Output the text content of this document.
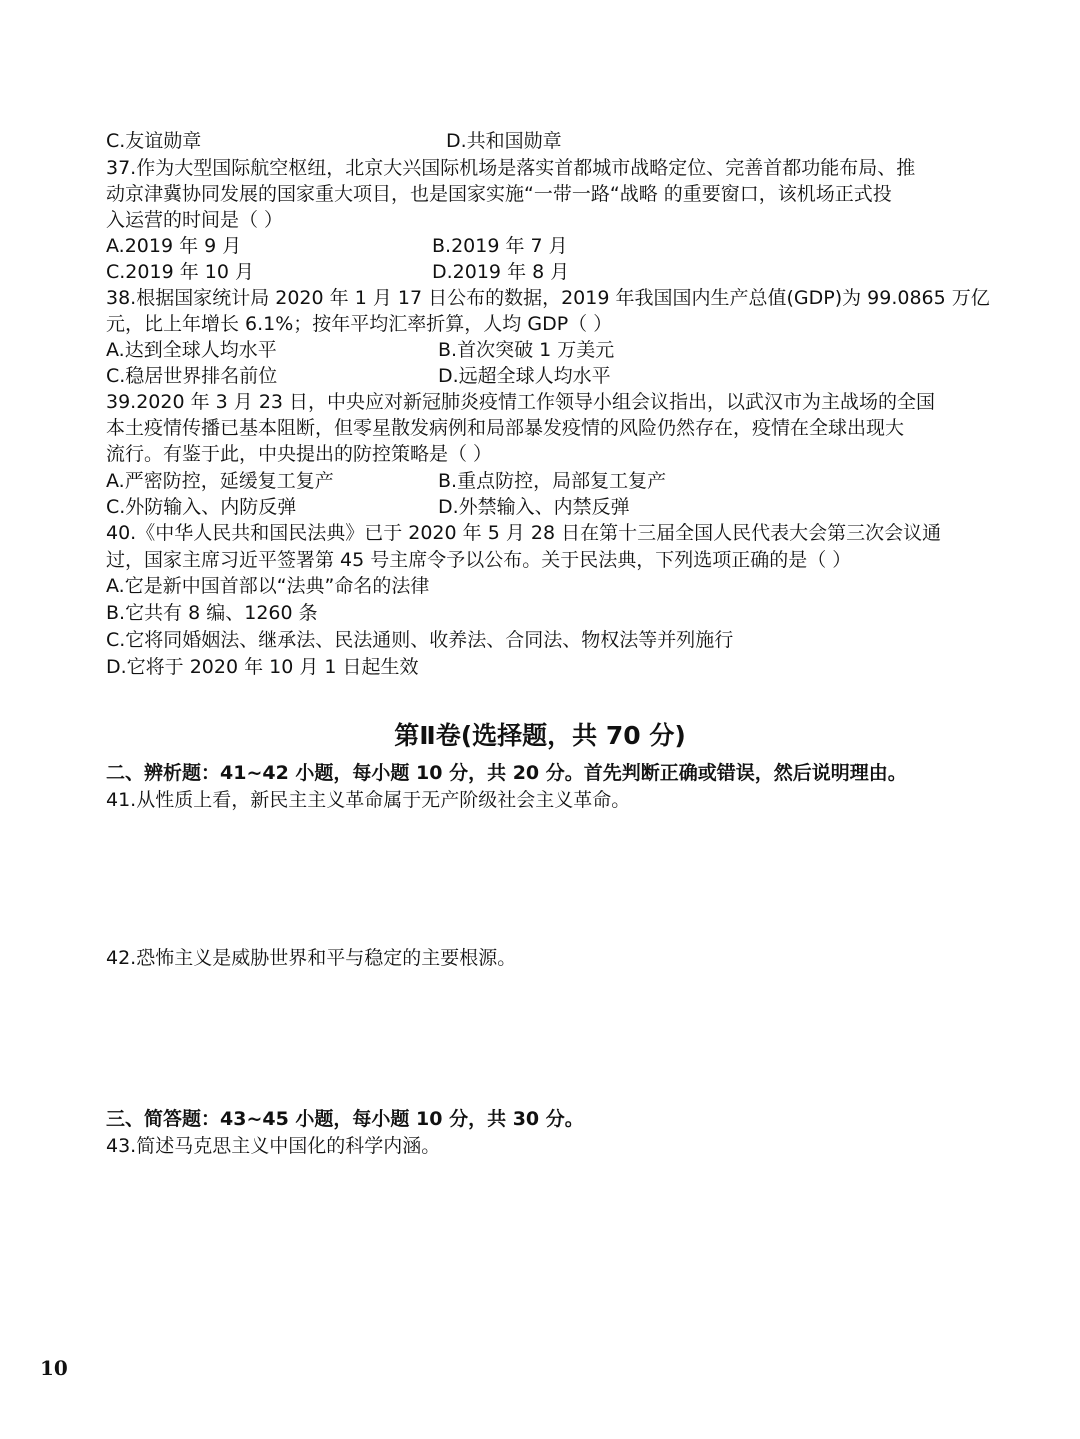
C.友谊勋章	D.共和国勋章
37.作为大型国际航空枢纽，北京大兴国际机场是落实首都城市战略定位、完善首都功能布局、推
动京津冀协同发展的国家重大项目，也是国家实施“一带一路“战略 的重要窗口，该机场正式投
入运营的时间是（ ）
A.2019 年 9 月	B.2019 年 7 月
C.2019 年 10 月	D.2019 年 8 月
38.根据国家统计局 2020 年 1 月 17 日公布的数据，2019 年我国国内生产总值(GDP)为 99.0865 万亿
元，比上年增长 6.1%；按年平均汇率折算，人均 GDP（ ）
A.达到全球人均水平	B.首次突破 1 万美元
C.稳居世界排名前位	D.远超全球人均水平
39.2020 年 3 月 23 日，中央应对新冠肺炎疫情工作领导小组会议指出，以武汉市为主战场的全国
本土疫情传播已基本阻断，但零星散发病例和局部暴发疫情的风险仍然存在，疫情在全球出现大
流行。有鉴于此，中央提出的防控策略是（ ）
A.严密防控，延缓复工复产	B.重点防控，局部复工复产
C.外防输入、内防反弹	D.外禁输入、内禁反弹
40.《中华人民共和国民法典》已于 2020 年 5 月 28 日在第十三届全国人民代表大会第三次会议通
过，国家主席习近平签署第 45 号主席令予以公布。关于民法典，下列选项正确的是（ ）
A.它是新中国首部以“法典”命名的法律
B.它共有 8 编、1260 条
C.它将同婚姻法、继承法、民法通则、收养法、合同法、物权法等并列施行
D.它将于 2020 年 10 月 1 日起生效
第Ⅱ卷(选择题，共 70 分)
二、辨析题：41~42 小题，每小题 10 分，共 20 分。首先判断正确或错误，然后说明理由。
41.从性质上看，新民主主义革命属于无产阶级社会主义革命。
42.恐怖主义是威胁世界和平与稳定的主要根源。
三、简答题：43~45 小题，每小题 10 分，共 30 分。
43.简述马克思主义中国化的科学内涵。
10
